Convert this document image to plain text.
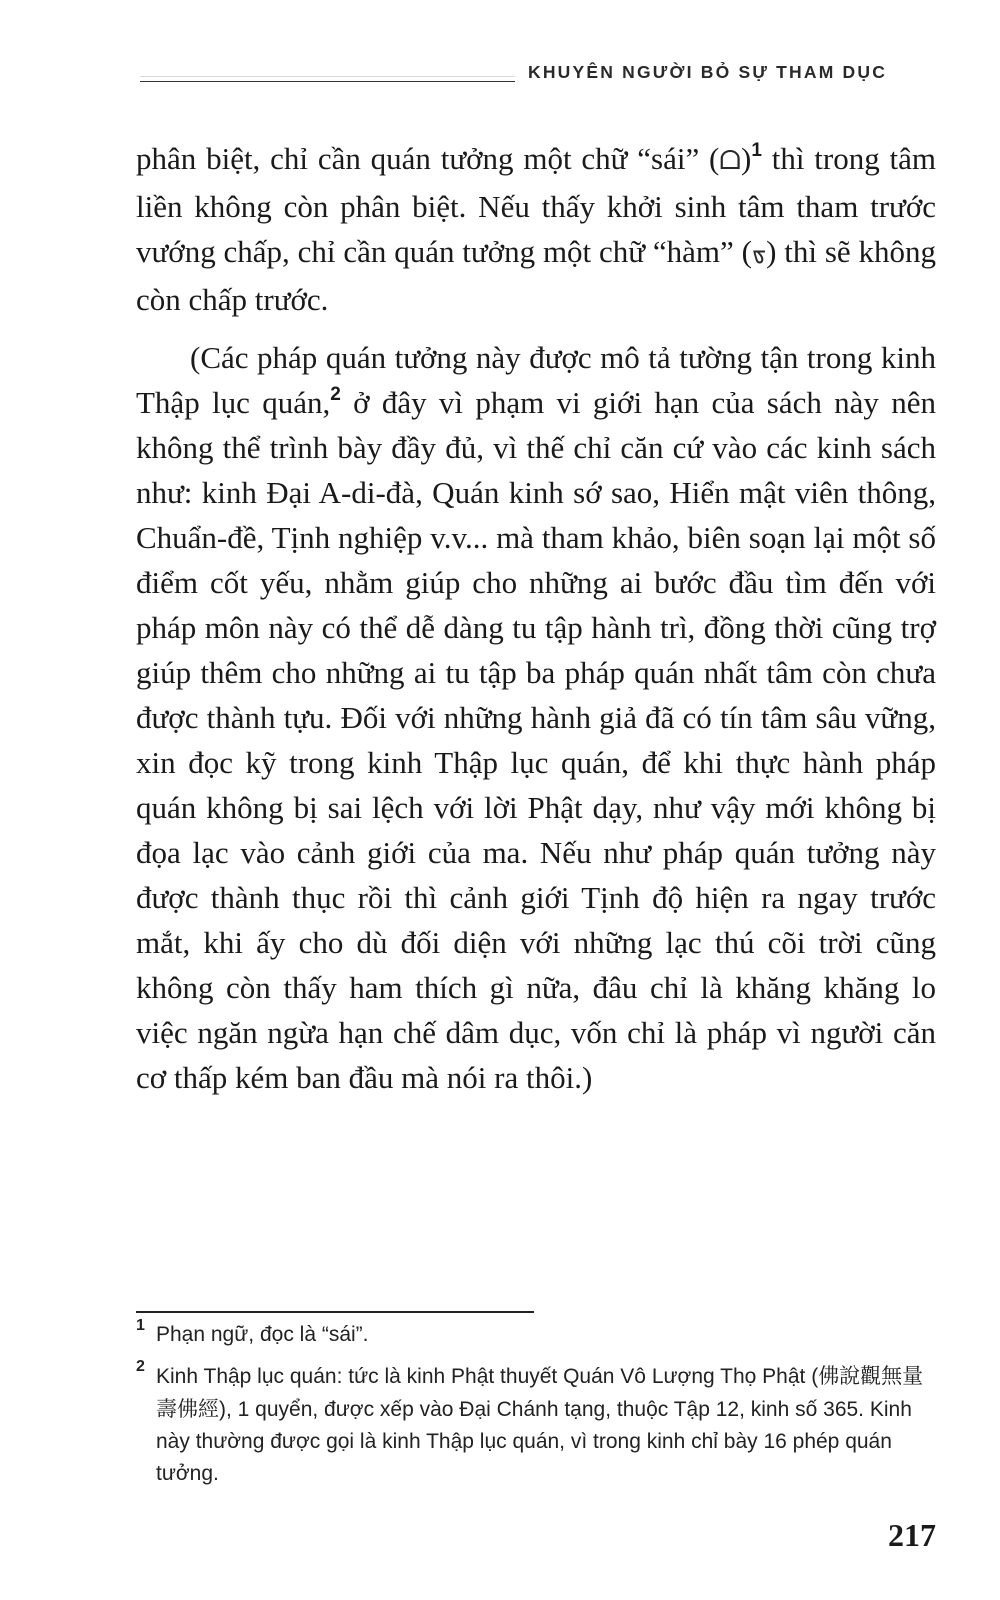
KHUYÊN NGƯỜI BỎ SỰ THAM DỤC

phân biệt, chỉ cần quán tưởng một chữ “sái” (ᗝ)$^1$ thì trong tâm liền không còn phân biệt. Nếu thấy khởi sinh tâm tham trước vướng chấp, chỉ cần quán tưởng một chữ “hàm” (ᢐ) thì sẽ không còn chấp trước.

(Các pháp quán tưởng này được mô tả tường tận trong kinh Thập lục quán,$^2$ ở đây vì phạm vi giới hạn của sách này nên không thể trình bày đầy đủ, vì thế chỉ căn cứ vào các kinh sách như: kinh Đại A-di-đà, Quán kinh sớ sao, Hiển mật viên thông, Chuẩn-đề, Tịnh nghiệp v.v... mà tham khảo, biên soạn lại một số điểm cốt yếu, nhằm giúp cho những ai bước đầu tìm đến với pháp môn này có thể dễ dàng tu tập hành trì, đồng thời cũng trợ giúp thêm cho những ai tu tập ba pháp quán nhất tâm còn chưa được thành tựu. Đối với những hành giả đã có tín tâm sâu vững, xin đọc kỹ trong kinh Thập lục quán, để khi thực hành pháp quán không bị sai lệch với lời Phật dạy, như vậy mới không bị đọa lạc vào cảnh giới của ma. Nếu như pháp quán tưởng này được thành thục rồi thì cảnh giới Tịnh độ hiện ra ngay trước mắt, khi ấy cho dù đối diện với những lạc thú cõi trời cũng không còn thấy ham thích gì nữa, đâu chỉ là khăng khăng lo việc ngăn ngừa hạn chế dâm dục, vốn chỉ là pháp vì người căn cơ thấp kém ban đầu mà nói ra thôi.)

1 Phạn ngữ, đọc là “sái”.
2 Kinh Thập lục quán: tức là kinh Phật thuyết Quán Vô Lượng Thọ Phật (佛說觀無量壽佛經), 1 quyển, được xếp vào Đại Chánh tạng, thuộc Tập 12, kinh số 365. Kinh này thường được gọi là kinh Thập lục quán, vì trong kinh chỉ bày 16 phép quán tưởng.
217
